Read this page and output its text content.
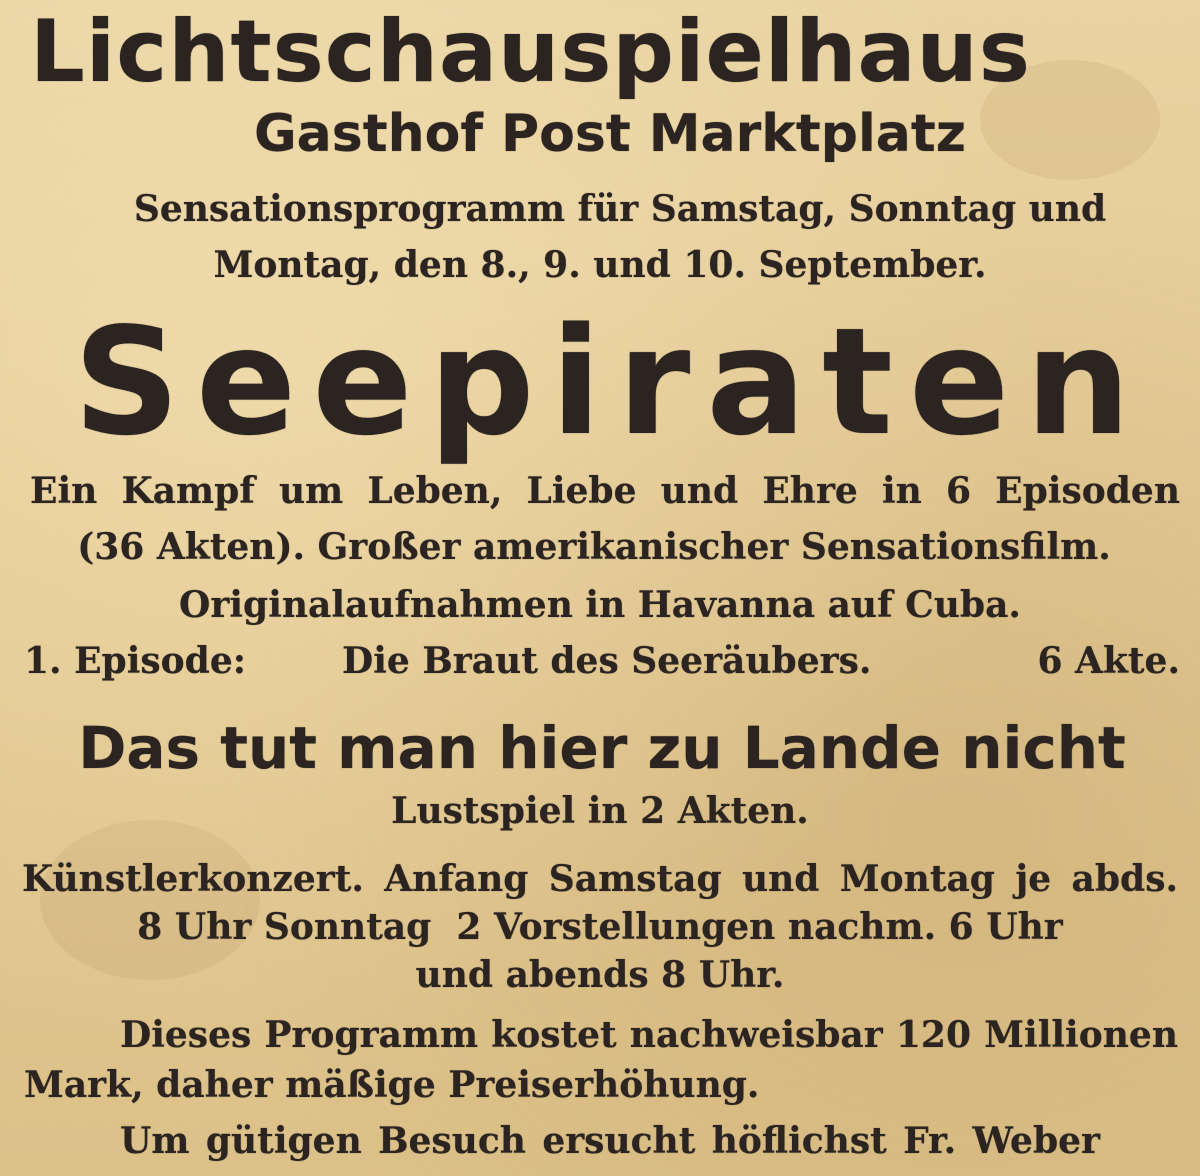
Lichtschauspielhaus
Gasthof Post Marktplatz
Sensationsprogramm für Samstag, Sonntag und
Montag, den 8., 9. und 10. September.
Seepiraten
Ein Kampf um Leben, Liebe und Ehre in 6 Episoden
(36 Akten). Großer amerikanischer Sensationsfilm.
Originalaufnahmen in Havanna auf Cuba.
1. Episode:	Die Braut des Seeräubers.	6 Akte.
Das tut man hier zu Lande nicht
Lustspiel in 2 Akten.
Künstlerkonzert. Anfang Samstag und Montag je abds.
8 Uhr Sonntag  2 Vorstellungen nachm. 6 Uhr
und abends 8 Uhr.
Dieses Programm kostet nachweisbar 120 Millionen
Mark, daher mäßige Preiserhöhung.
Um gütigen Besuch ersucht höflichst Fr. Weber
